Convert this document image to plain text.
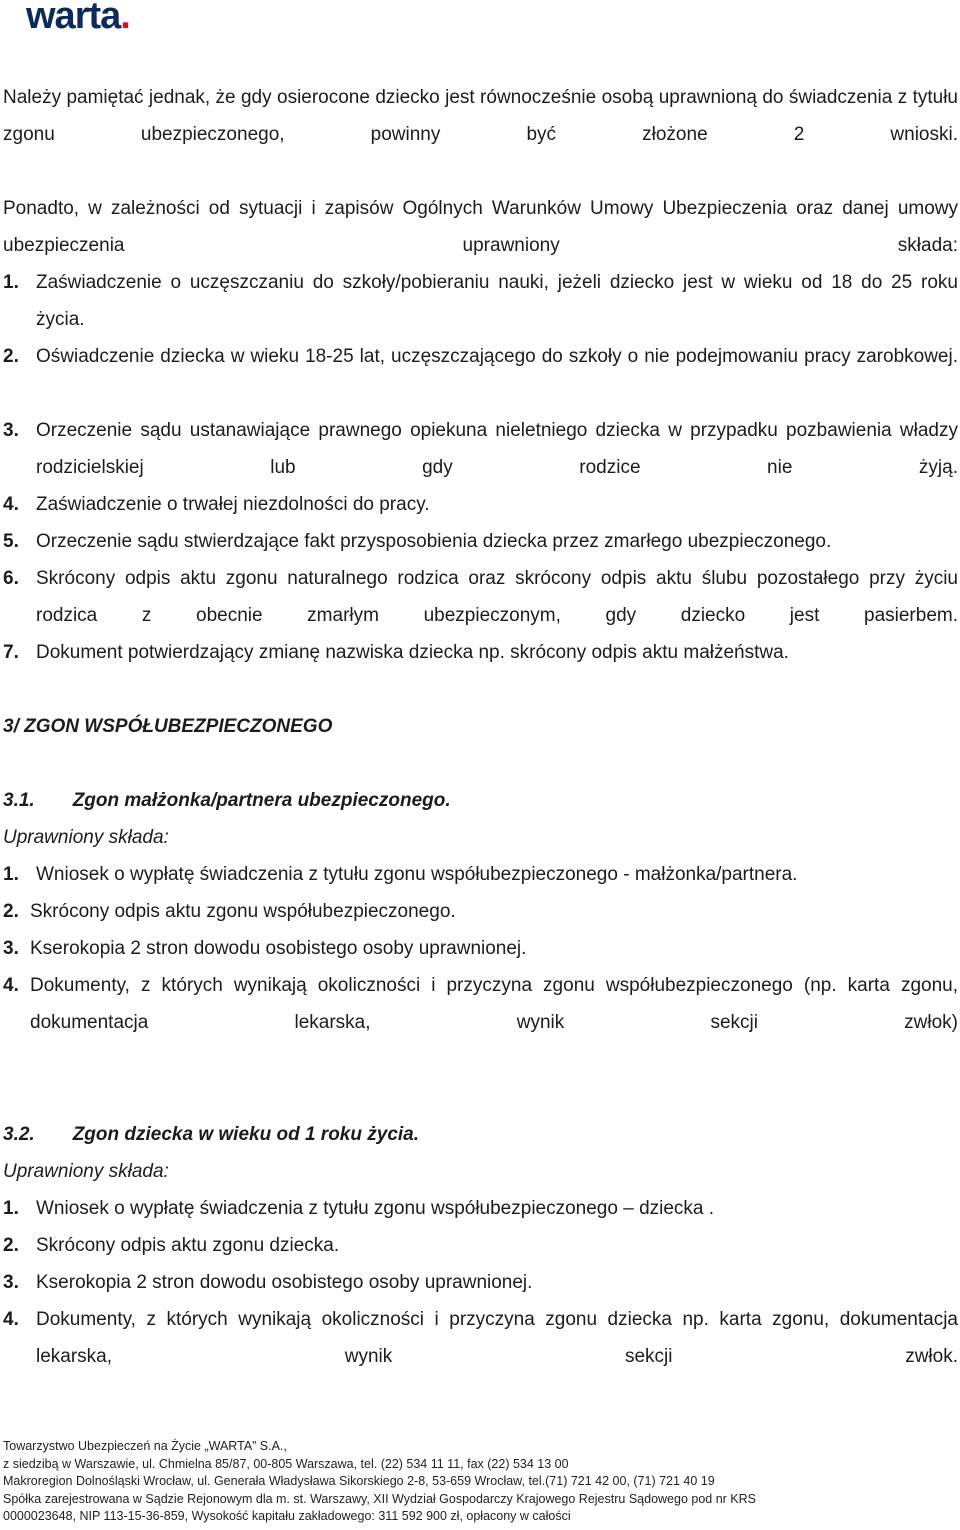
warta.
Należy pamiętać jednak, że gdy osierocone dziecko jest równocześnie osobą uprawnioną do świadczenia z tytułu zgonu ubezpieczonego, powinny być złożone 2 wnioski.
Ponadto, w zależności od sytuacji i zapisów Ogólnych Warunków Umowy Ubezpieczenia oraz danej umowy ubezpieczenia uprawniony składa:
1. Zaświadczenie o uczęszczaniu do szkoły/pobieraniu nauki, jeżeli dziecko jest w wieku od 18 do 25 roku życia.
2. Oświadczenie dziecka w wieku 18-25 lat, uczęszczającego do szkoły o nie podejmowaniu pracy zarobkowej.
3. Orzeczenie sądu ustanawiające prawnego opiekuna nieletniego dziecka w przypadku pozbawienia władzy rodzicielskiej lub gdy rodzice nie żyją.
4. Zaświadczenie o trwałej niezdolności do pracy.
5. Orzeczenie sądu stwierdzające fakt przysposobienia dziecka przez zmarłego ubezpieczonego.
6. Skrócony odpis aktu zgonu naturalnego rodzica oraz skrócony odpis aktu ślubu pozostałego przy życiu rodzica z obecnie zmarłym ubezpieczonym, gdy dziecko jest pasierbem.
7. Dokument potwierdzający zmianę nazwiska dziecka np. skrócony odpis aktu małżeństwa.
3/ ZGON WSPÓŁUBEZPIECZONEGO
3.1. Zgon małżonka/partnera ubezpieczonego.
Uprawniony składa:
1. Wniosek o wypłatę świadczenia z tytułu zgonu współubezpieczonego - małżonka/partnera.
2. Skrócony odpis aktu zgonu współubezpieczonego.
3. Kserokopia 2 stron dowodu osobistego osoby uprawnionej.
4. Dokumenty, z których wynikają okoliczności i przyczyna zgonu współubezpieczonego (np. karta zgonu, dokumentacja lekarska, wynik sekcji zwłok)
3.2. Zgon dziecka w wieku od 1 roku życia.
Uprawniony składa:
1. Wniosek o wypłatę świadczenia z tytułu zgonu współubezpieczonego – dziecka .
2. Skrócony odpis aktu zgonu dziecka.
3. Kserokopia 2 stron dowodu osobistego osoby uprawnionej.
4. Dokumenty, z których wynikają okoliczności i przyczyna zgonu dziecka np. karta zgonu, dokumentacja lekarska, wynik sekcji zwłok.
Towarzystwo Ubezpieczeń na Życie „WARTA” S.A.,
z siedzibą w Warszawie, ul. Chmielna 85/87, 00-805 Warszawa, tel. (22) 534 11 11, fax (22) 534 13 00
Makroregion Dolnośląski Wrocław, ul. Generała Władysława Sikorskiego 2-8, 53-659 Wrocław, tel.(71) 721 42 00, (71) 721 40 19
Spółka zarejestrowana w Sądzie Rejonowym dla m. st. Warszawy, XII Wydział Gospodarczy Krajowego Rejestru Sądowego pod nr KRS
0000023648, NIP 113-15-36-859, Wysokość kapitału zakładowego: 311 592 900 zł, opłacony w całości
